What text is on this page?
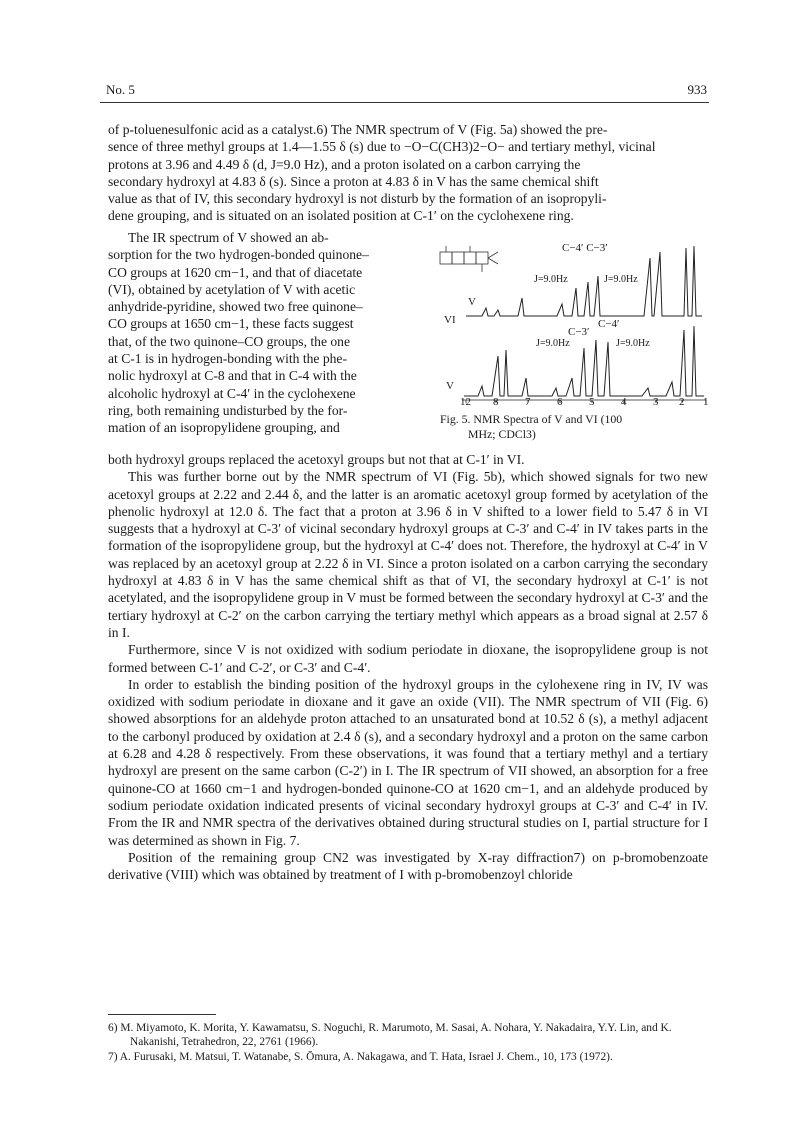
No. 5	933

of p-toluenesulfonic acid as a catalyst.6) The NMR spectrum of V (Fig. 5a) showed the pre-

sence of three methyl groups at 1.4—1.55 δ (s) due to −O−C(CH3)2−O− and tertiary methyl, vicinal

protons at 3.96 and 4.49 δ (d, J=9.0 Hz), and a proton isolated on a carbon carrying the

secondary hydroxyl at 4.83 δ (s). Since a proton at 4.83 δ in V has the same chemical shift

value as that of IV, this secondary hydroxyl is not disturb by the formation of an isopropyli-

dene grouping, and is situated on an isolated position at C-1′ on the cyclohexene ring.

The IR spectrum of V showed an ab-

sorption for the two hydrogen-bonded quinone–

CO groups at 1620 cm−1, and that of diacetate

(VI), obtained by acetylation of V with acetic

anhydride-pyridine, showed two free quinone–

CO groups at 1650 cm−1, these facts suggest

that, of the two quinone–CO groups, the one

at C-1 is in hydrogen-bonding with the phe-

nolic hydroxyl at C-8 and that in C-4 with the

alcoholic hydroxyl at C-4′ in the cyclohexene

ring, both remaining undisturbed by the for-

mation of an isopropylidene grouping, and

C−4′ C−3′
J=9.0Hz	J=9.0Hz
V
VI
C−3′
C−4′
J=9.0Hz	J=9.0Hz
V
12 8 7 6 5 4 3 2 1
Fig. 5. NMR Spectra of V and VI (100
MHz; CDCl3)

both hydroxyl groups replaced the acetoxyl groups but not that at C-1′ in VI.

This was further borne out by the NMR spectrum of VI (Fig. 5b), which showed signals for two new acetoxyl groups at 2.22 and 2.44 δ, and the latter is an aromatic acetoxyl group formed by acetylation of the phenolic hydroxyl at 12.0 δ. The fact that a proton at 3.96 δ in V shifted to a lower field to 5.47 δ in VI suggests that a hydroxyl at C-3′ of vicinal secondary hydroxyl groups at C-3′ and C-4′ in IV takes parts in the formation of the isopropylidene group, but the hydroxyl at C-4′ does not. Therefore, the hydroxyl at C-4′ in V was replaced by an acetoxyl group at 2.22 δ in VI. Since a proton isolated on a carbon carrying the secondary hydroxyl at 4.83 δ in V has the same chemical shift as that of VI, the secondary hydroxyl at C-1′ is not acetylated, and the isopropylidene group in V must be formed between the secondary hydroxyl at C-3′ and the tertiary hydroxyl at C-2′ on the carbon carrying the tertiary methyl which appears as a broad signal at 2.57 δ in I.

Furthermore, since V is not oxidized with sodium periodate in dioxane, the isopropylidene group is not formed between C-1′ and C-2′, or C-3′ and C-4′.

In order to establish the binding position of the hydroxyl groups in the cylohexene ring in IV, IV was oxidized with sodium periodate in dioxane and it gave an oxide (VII). The NMR spectrum of VII (Fig. 6) showed absorptions for an aldehyde proton attached to an unsaturated bond at 10.52 δ (s), a methyl adjacent to the carbonyl produced by oxidation at 2.4 δ (s), and a secondary hydroxyl and a proton on the same carbon at 6.28 and 4.28 δ respectively. From these observations, it was found that a tertiary methyl and a tertiary hydroxyl are present on the same carbon (C-2′) in I. The IR spectrum of VII showed, an absorption for a free quinone-CO at 1660 cm−1 and hydrogen-bonded quinone-CO at 1620 cm−1, and an aldehyde produced by sodium periodate oxidation indicated presents of vicinal secondary hydroxyl groups at C-3′ and C-4′ in IV. From the IR and NMR spectra of the derivatives obtained during structural studies on I, partial structure for I was determined as shown in Fig. 7.

Position of the remaining group CN2 was investigated by X-ray diffraction7) on p-bromobenzoate derivative (VIII) which was obtained by treatment of I with p-bromobenzoyl chloride

6) M. Miyamoto, K. Morita, Y. Kawamatsu, S. Noguchi, R. Marumoto, M. Sasai, A. Nohara, Y. Nakadaira, Y.Y. Lin, and K. Nakanishi, Tetrahedron, 22, 2761 (1966).

7) A. Furusaki, M. Matsui, T. Watanabe, S. Ōmura, A. Nakagawa, and T. Hata, Israel J. Chem., 10, 173 (1972).
